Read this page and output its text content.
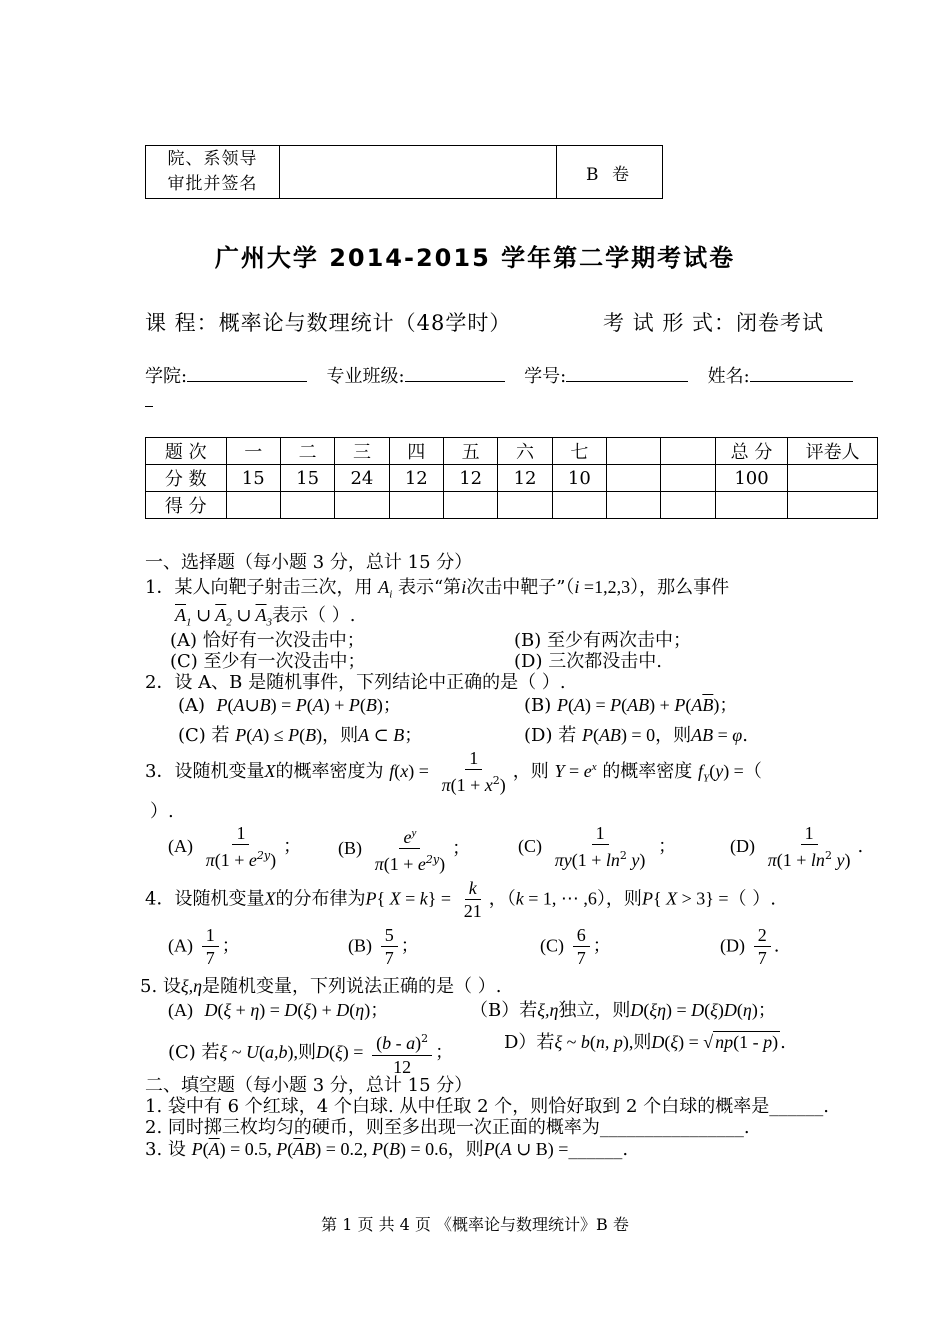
院、系领导
审批并签名		B 卷
广州大学 2014-2015 学年第二学期考试卷
课 程：概率论与数理统计（48学时）	考 试 形 式：闭卷考试
学院:	专业班级:	学号:	姓名:
题 次	一	二	三	四	五	六	七			总 分	评卷人
分 数	15	15	24	12	12	12	10			100	
得 分											
一、选择题（每小题 3 分，总计 15 分）
1．某人向靶子射击三次，用 $A_i$ 表示“第i次击中靶子”（i =1,2,3），那么事件
$\overline{A}_1$ ∪ $\overline{A}_2$ ∪ $\overline{A}_3$表示（ ）.
(A) 恰好有一次没击中；	(B) 至少有两次击中；
(C) 至少有一次没击中；	(D) 三次都没击中.
2．设 A、B 是随机事件，下列结论中正确的是（ ）.
(A) P(A∪B) = P(A) + P(B)；	(B) $P(A) = P(AB) + P(A\overline{B})$；
(C) 若 P(A) ≤ P(B)，则A ⊂ B；	(D) 若 P(AB) = 0，则AB = φ.
3．设随机变量X的概率密度为 $f(x) = \frac{1}{\pi(1 + x^2)}$ ，则 $Y = e^x$ 的概率密度 $f_Y(y)$ =（
）.
$(A) \frac{1}{\pi(1 + e^{2y})}$ ； $(B) \frac{e^y}{\pi(1 + e^{2y})}$ ；	$(C) \frac{1}{\pi y(1 + \ln^2 y)}$ ；	$(D) \frac{1}{\pi(1 + \ln^2 y)}$ .
4．设随机变量X的分布律为P{ $X = k\} = \frac{k}{21}$ ，（k = 1, ⋯ ,6），则P{ X > 3} =（ ）.
$(A) \frac{1}{7}$ ；	$(B) \frac{5}{7}$ ；	$(C) \frac{6}{7}$ ；	$(D) \frac{2}{7}$ .
5. 设ξ,η是随机变量，下列说法正确的是（ ）.
(A) D(ξ + η) = D(ξ) + D(η)；	（B）若ξ,η独立，则D(ξη) = D(ξ)D(η)；
(C) 若ξ ~ U(a,b),则$D(\xi) = \frac{(b - a)^2}{12}$ ；	D）若ξ ~ b(n, p),则D(ξ) = √ np(1 - p) .
二、填空题（每小题 3 分，总计 15 分）
1. 袋中有 6 个红球，4 个白球. 从中任取 2 个，则恰好取到 2 个白球的概率是______.
2. 同时掷三枚均匀的硬币，则至多出现一次正面的概率为________________.
3. 设 $P(\overline{A}) = 0.5$, $P(\overline{A}B) = 0.2$, P(B) = 0.6，则P(A ∪ B) =______.
第 1 页 共 4 页 《概率论与数理统计》B 卷
